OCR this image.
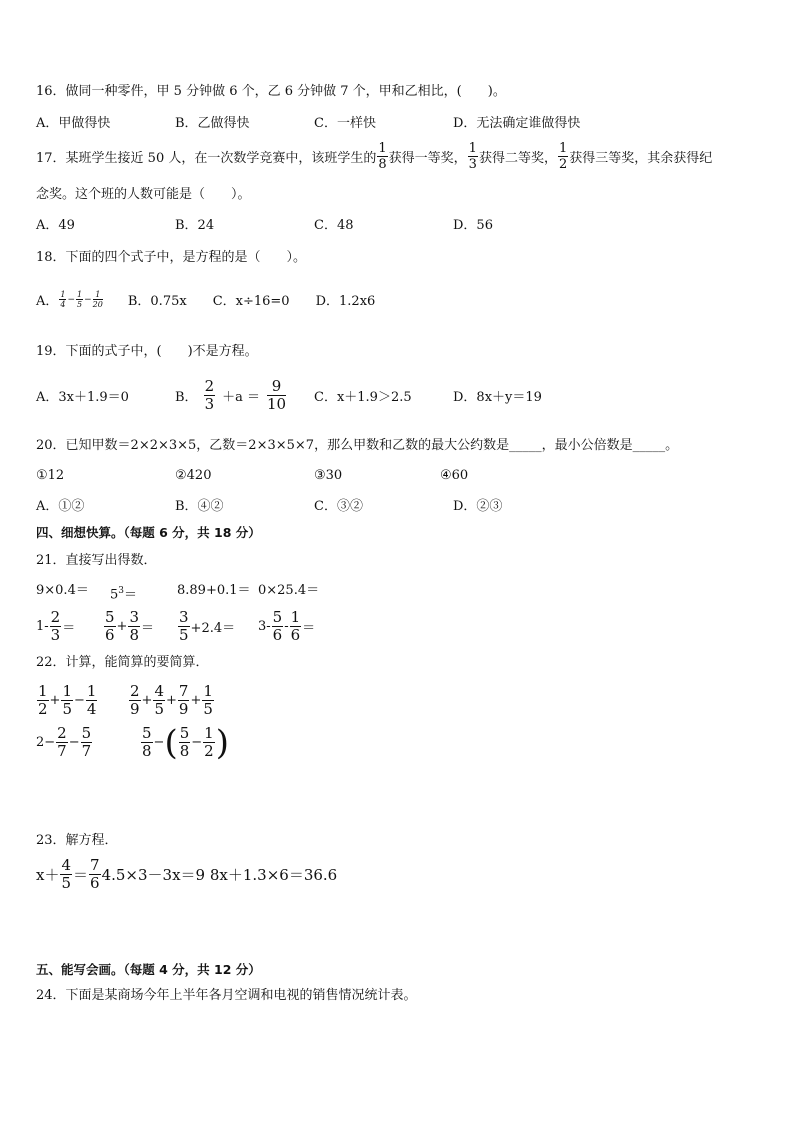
16．做同一种零件，甲 5 分钟做 6 个，乙 6 分钟做 7 个，甲和乙相比，(　　)。
A．甲做得快	B．乙做得快	C．一样快	D．无法确定谁做得快
17．某班学生接近 50 人，在一次数学竞赛中，该班学生的 $\frac{1}{8}$ 获得一等奖， $\frac{1}{3}$ 获得二等奖， $\frac{1}{2}$ 获得三等奖，其余获得纪
念奖。这个班的人数可能是（　　）。
A．49	B．24	C．48	D．56
18．下面的四个式子中，是方程的是（　　）。
A． $\frac{1}{4} - \frac{1}{5} - \frac{1}{20}$ B．0.75x C．x÷16=0 D．1.2x6
19．下面的式子中，(　　)不是方程。
A．3x＋1.9＝0	B． $\frac{2}{3} +a = \frac{9}{10}$ C．x＋1.9＞2.5	D．8x＋y＝19
20．已知甲数＝2×2×3×5，乙数＝2×3×5×7，那么甲数和乙数的最大公约数是_____，最小公倍数是_____。
①12	②420	③30	④60
A．①②	B．④②	C．③②	D．②③
四、细想快算。（每题 6 分，共 18 分）
21．直接写出得数．
$9\times 0.4= 5^3=$	8.89+0.1＝ 0×25.4＝
$1- \frac{2}{3} = \frac{5}{6} + \frac{3}{8} = \frac{3}{5} +2.4= 3- \frac{5}{6} - \frac{1}{6}$ ＝
22．计算，能简算的要简算．
$\frac{1}{2} + \frac{1}{5} - \frac{1}{4} \frac{2}{9} + \frac{4}{5} + \frac{7}{9} + \frac{1}{5}$
$2- \frac{2}{7} - \frac{5}{7}$	$\frac{5}{8}$ − ( $\frac{5}{8} - \frac{1}{2}$ )
23．解方程．
$x+ \frac{4}{5} = \frac{7}{6} 4.5\times 3-3x=9$ 8x＋1.3×6＝36.6
五、能写会画。（每题 4 分，共 12 分）
24．下面是某商场今年上半年各月空调和电视的销售情况统计表。
